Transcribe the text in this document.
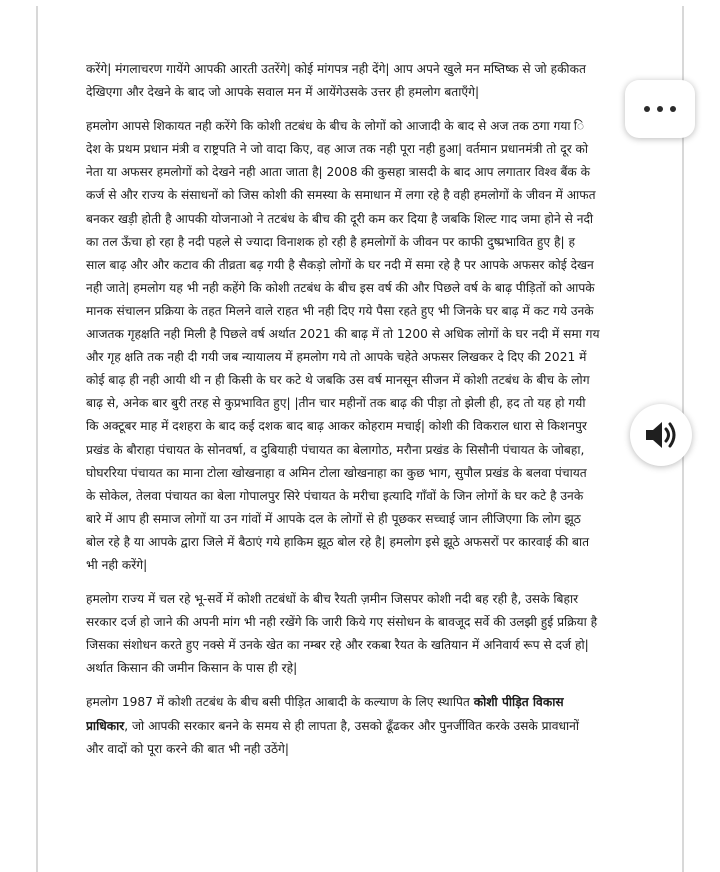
करेंगे| मंगलाचरण गायेंगे आपकी आरती उतरेंगे| कोई मांगपत्र नही देंगे| आप अपने खुले मन मष्तिष्क से जो हकीकत
देखिएगा और देखने के बाद जो आपके सवाल मन में आयेंगेउसके उत्तर ही हमलोग बताएँगे|
हमलोग आपसे शिकायत नही करेंगे कि कोशी तटबंध के बीच के लोगों को आजादी के बाद से अज तक ठगा गया ि
देश के प्रथम प्रधान मंत्री व राष्ट्रपति ने जो वादा किए, वह आज तक नही पूरा नही हुआ| वर्तमान प्रधानमंत्री तो दूर को
नेता या अफसर हमलोगों को देखने नही आता जाता है| 2008 की कुसहा त्रासदी के बाद आप लगातार विश्व बैंक के
कर्ज से और राज्य के संसाधनों को जिस कोशी की समस्या के समाधान में लगा रहे है वही हमलोगों के जीवन में आफत
बनकर खड़ी होती है आपकी योजनाओ ने तटबंध के बीच की दूरी कम कर दिया है जबकि शिल्ट गाद जमा होने से नदी
का तल ऊँचा हो रहा है नदी पहले से ज्यादा विनाशक हो रही है हमलोगों के जीवन पर काफी दुष्प्रभावित हुए है| ह
साल बाढ़ और और कटाव की तीव्रता बढ़ गयी है सैकड़ो लोगों के घर नदी में समा रहे है पर आपके अफसर कोई देखन
नही जाते| हमलोग यह भी नही कहेंगे कि कोशी तटबंध के बीच इस वर्ष की और पिछले वर्ष के बाढ़ पीड़ितों को आपके
मानक संचालन प्रक्रिया के तहत मिलने वाले राहत भी नही दिए गये पैसा रहते हुए भी जिनके घर बाढ़ में कट गये उनके
आजतक गृहक्षति नही मिली है पिछले वर्ष अर्थात 2021 की बाढ़ में तो 1200 से अधिक लोगों के घर नदी में समा गय
और गृह क्षति तक नही दी गयी जब न्यायालय में हमलोग गये तो आपके चहेते अफसर लिखकर दे दिए की 2021 में
कोई बाढ़ ही नही आयी थी न ही किसी के घर कटे थे जबकि उस वर्ष मानसून सीजन में कोशी तटबंध के बीच के लोग
बाढ़ से, अनेक बार बुरी तरह से कुप्रभावित हुए| |तीन चार महीनों तक बाढ़ की पीड़ा तो झेली ही, हद तो यह हो गयी
कि अक्टूबर माह में दशहरा के बाद कई दशक बाद बाढ़ आकर कोहराम मचाई| कोशी की विकराल धारा से किशनपुर
प्रखंड के बौराहा पंचायत के सोनवर्षा, व दुबियाही पंचायत का बेलागोठ, मरौना प्रखंड के सिसौनी पंचायत के जोबहा,
घोघररिया पंचायत का माना टोला खोखनाहा व अमिन टोला खोखनाहा का कुछ भाग, सुपौल प्रखंड के बलवा पंचायत
के सोकेल, तेलवा पंचायत का बेला गोपालपुर सिरे पंचायत के मरीचा इत्यादि गाँवों के जिन लोगों के घर कटे है उनके
बारे में आप ही समाज लोगों या उन गांवों में आपके दल के लोगों से ही पूछकर सच्चाई जान लीजिएगा कि लोग झूठ
बोल रहे है या आपके द्वारा जिले में बैठाएं गये हाकिम झूठ बोल रहे है| हमलोग इसे झूठे अफसरों पर कारवाई की बात
भी नही करेंगे|
हमलोग राज्य में चल रहे भू-सर्वे में कोशी तटबंधों के बीच रैयती ज़मीन जिसपर कोशी नदी बह रही है, उसके बिहार
सरकार दर्ज हो जाने की अपनी मांग भी नही रखेंगे कि जारी किये गए संसोधन के बावजूद सर्वे की उलझी हुई प्रक्रिया है
जिसका संशोधन करते हुए नक्से में उनके खेत का नम्बर रहे और रकबा रैयत के खतियान में अनिवार्य रूप से दर्ज हो|
अर्थात किसान की जमीन किसान के पास ही रहे|
हमलोग 1987 में कोशी तटबंध के बीच बसी पीड़ित आबादी के कल्याण के लिए स्थापित कोशी पीड़ित विकास
प्राधिकार, जो आपकी सरकार बनने के समय से ही लापता है, उसको ढूँढकर और पुनर्जीवित करके उसके प्रावधानों
और वादों को पूरा करने की बात भी नही उठेंगे|
